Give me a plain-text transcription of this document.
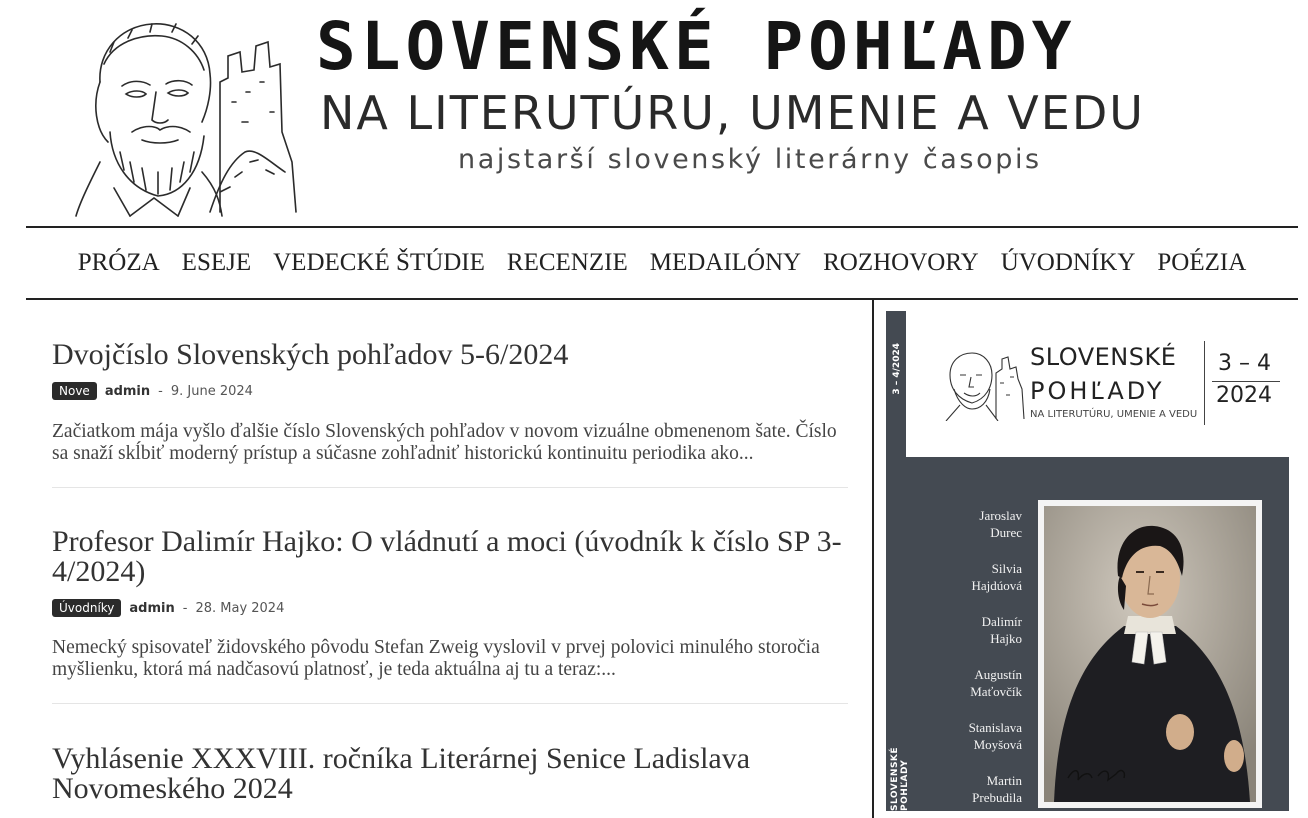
SLOVENSKÉ POHĽADY
NA LITERUTÚRU, UMENIE A VEDU

najstarší slovenský literárny časopis

PRÓZA ESEJE VEDECKÉ ŠTÚDIE RECENZIE MEDAILÓNY ROZHOVORY ÚVODNÍKY POÉZIA
Dvojčíslo Slovenských pohľadov 5-6/2024
Nove	admin - 9. June 2024

Začiatkom mája vyšlo ďalšie číslo Slovenských pohľadov v novom vizuálne obmenenom šate. Číslo sa snaží skĺbiť moderný prístup a súčasne zohľadniť historickú kontinuitu periodika ako...

Profesor Dalimír Hajko: O vládnutí a moci (úvodník k číslo SP 3-4/2024)
Úvodníky	admin - 28. May 2024

Nemecký spisovateľ židovského pôvodu Stefan Zweig vyslovil v prvej polovici minulého storočia myšlienku, ktorá má nadčasovú platnosť, je teda aktuálna aj tu a teraz:...

Vyhlásenie XXXVIII. ročníka Literárnej Senice Ladislava Novomeského 2024
3 – 4/2024
SLOVENSKÉ POHĽADY
SLOVENSKÉ
POHĽADY
NA LITERUTÚRU, UMENIE A VEDU
3 – 4
2024
Jaroslav
Durec
Silvia
Hajdúová
Dalimír
Hajko
Augustín
Maťovčík
Stanislava
Moyšová
Martin
Prebudila
